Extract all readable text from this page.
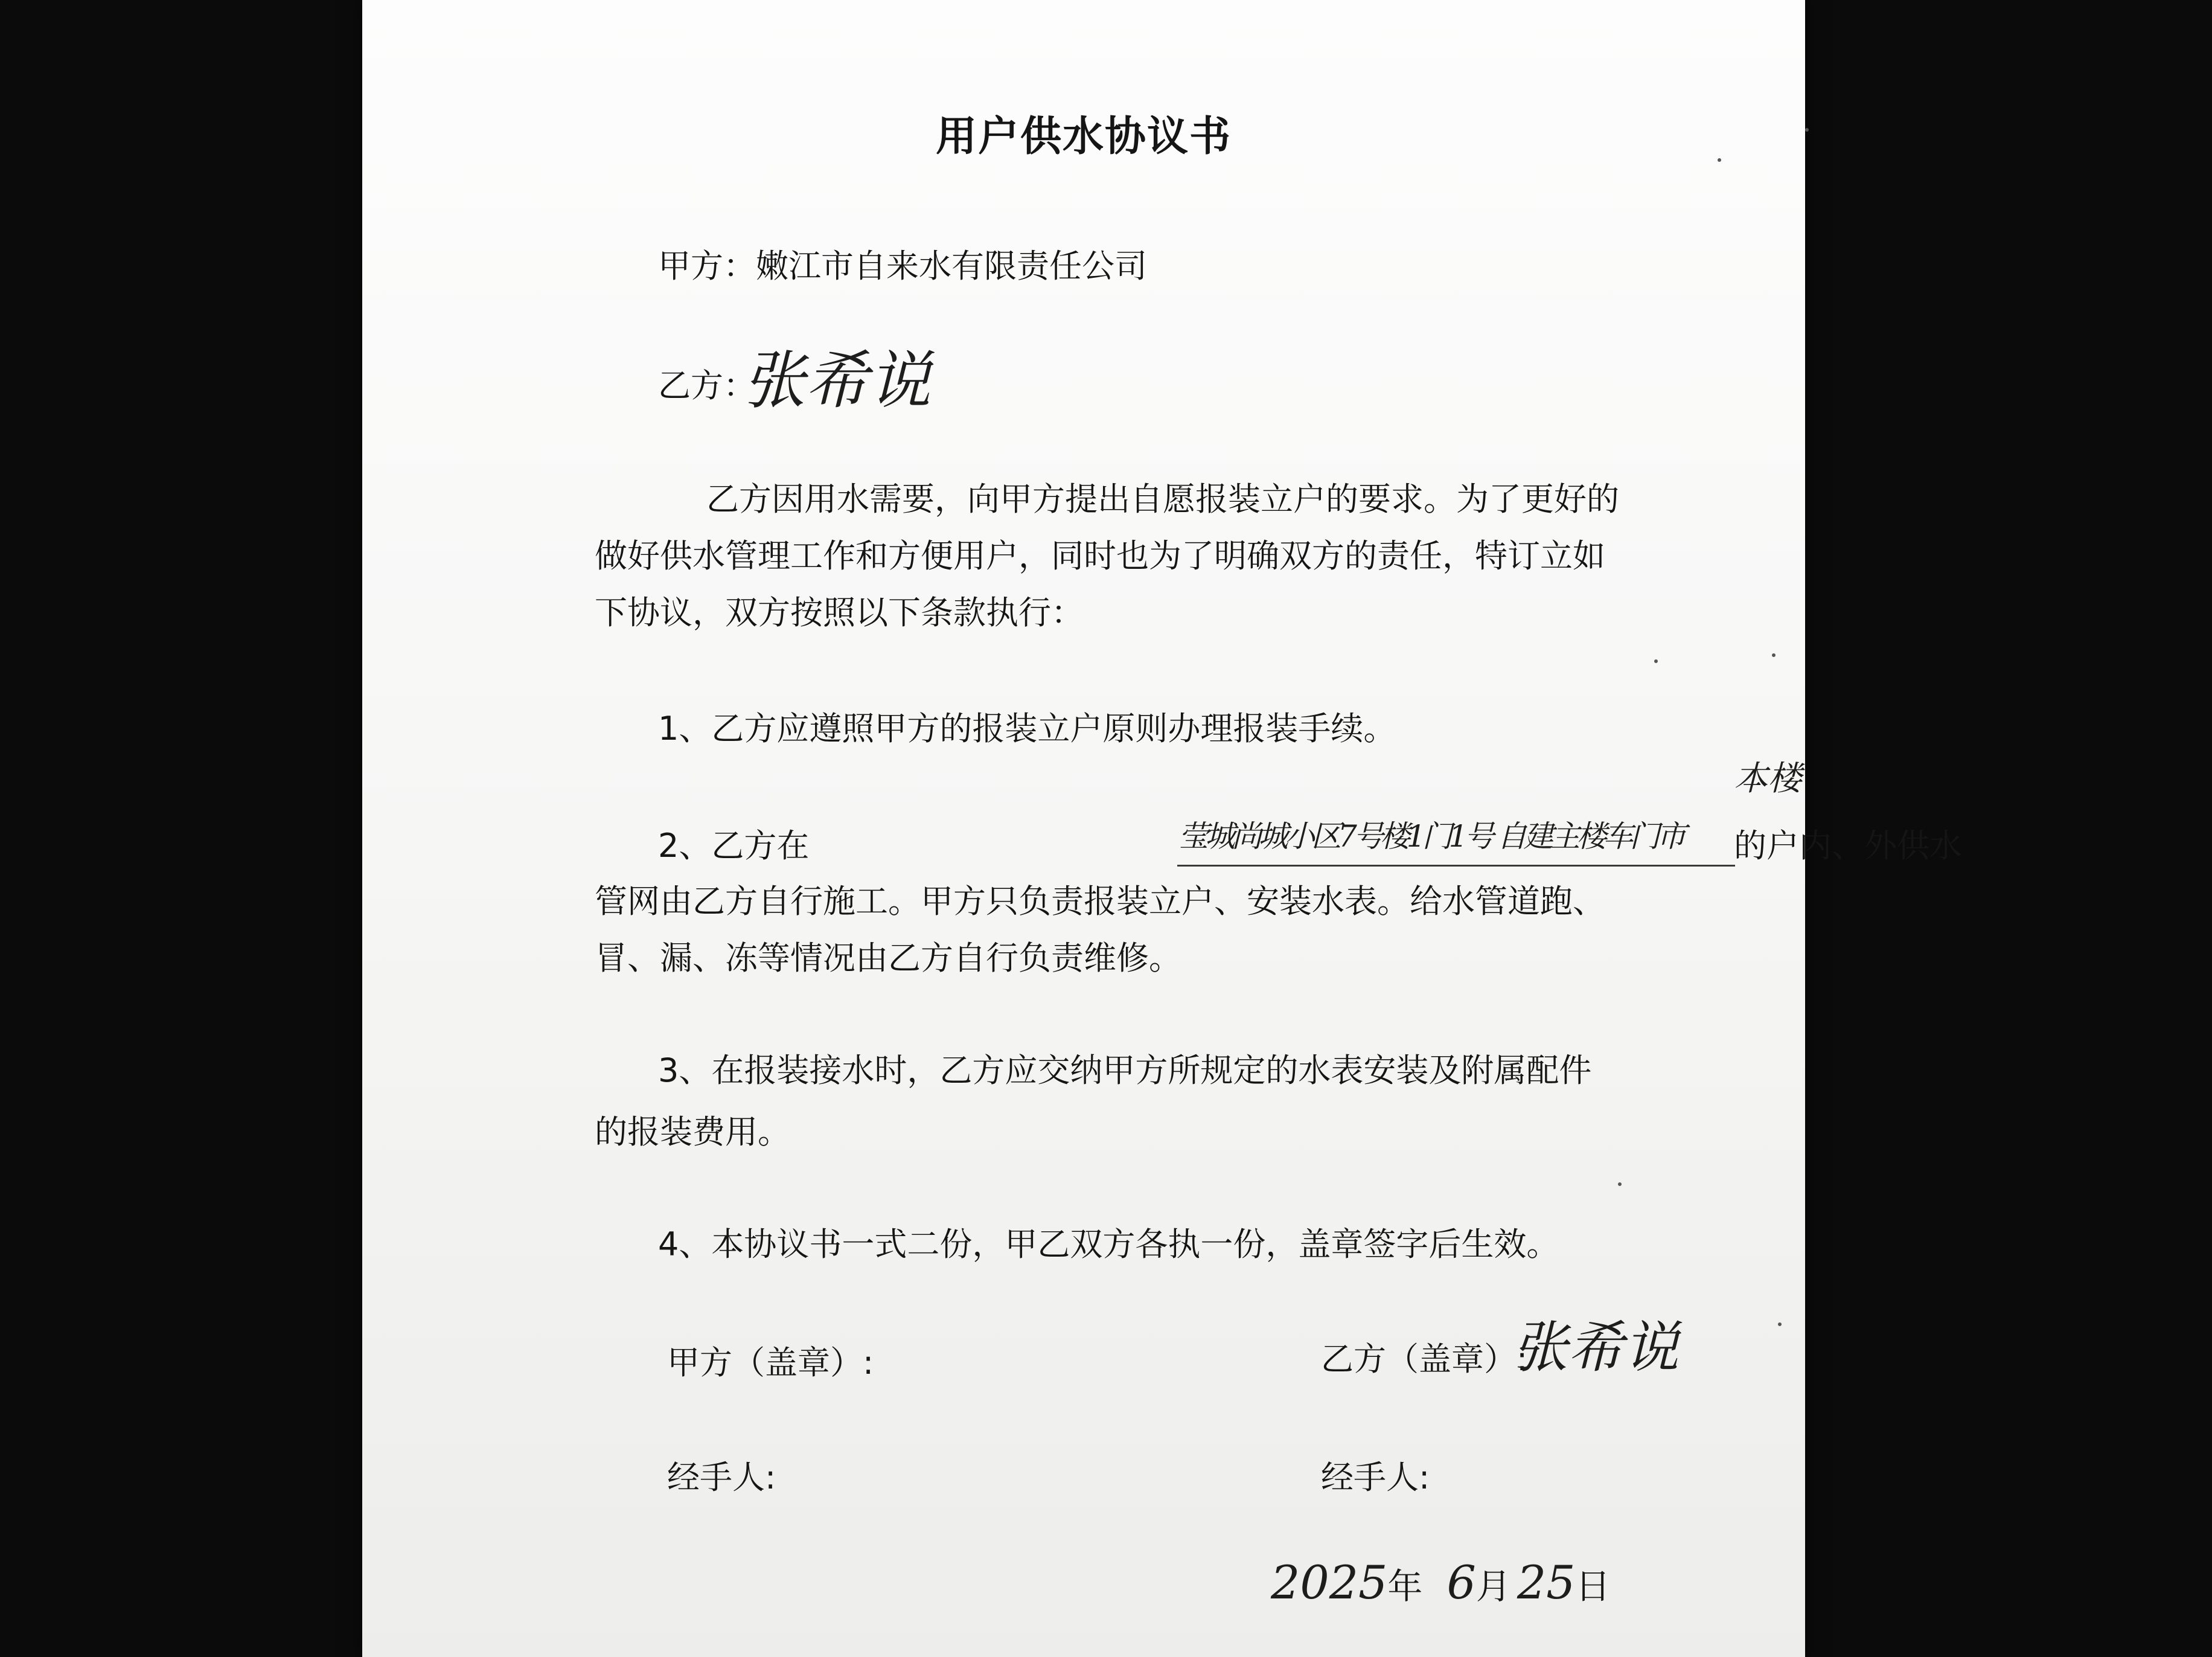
用户供水协议书

甲方：嫩江市自来水有限责任公司

乙方：

张希说

乙方因用水需要，向甲方提出自愿报装立户的要求。为了更好的

做好供水管理工作和方便用户，同时也为了明确双方的责任，特订立如

下协议，双方按照以下条款执行：

1、乙方应遵照甲方的报装立户原则办理报装手续。

2、乙方在	莹城尚城小区7号楼1门1号 自建主楼车门市
本楼

的户内、外供水

管网由乙方自行施工。甲方只负责报装立户、安装水表。给水管道跑、

冒、漏、冻等情况由乙方自行负责维修。

3、在报装接水时，乙方应交纳甲方所规定的水表安装及附属配件

的报装费用。

4、本协议书一式二份，甲乙双方各执一份，盖章签字后生效。

甲方（盖章）:	乙方（盖章）:

张希说

经手人:	经手人:

2025年 6月 25日
